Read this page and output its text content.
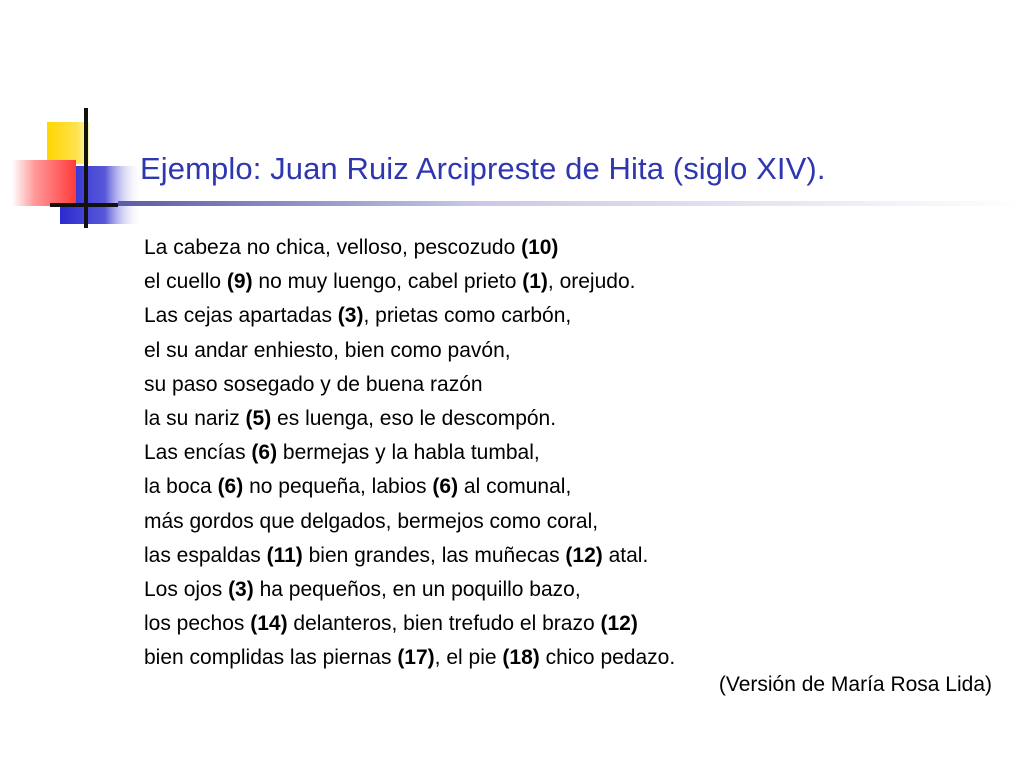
Ejemplo: Juan Ruiz Arcipreste de Hita (siglo XIV).
La cabeza no chica, velloso, pescozudo (10)
el cuello (9) no muy luengo, cabel prieto (1), orejudo.
Las cejas apartadas (3), prietas como carbón,
el su andar enhiesto, bien como pavón,
su paso sosegado y de buena razón
la su nariz (5) es luenga, eso le descompón.
Las encías (6) bermejas y la habla tumbal,
la boca (6) no pequeña, labios (6) al comunal,
más gordos que delgados, bermejos como coral,
las espaldas (11) bien grandes, las muñecas (12) atal.
Los ojos (3) ha pequeños, en un poquillo bazo,
los pechos (14) delanteros, bien trefudo el brazo (12)
bien complidas las piernas (17), el pie (18) chico pedazo.
(Versión de María Rosa Lida)
